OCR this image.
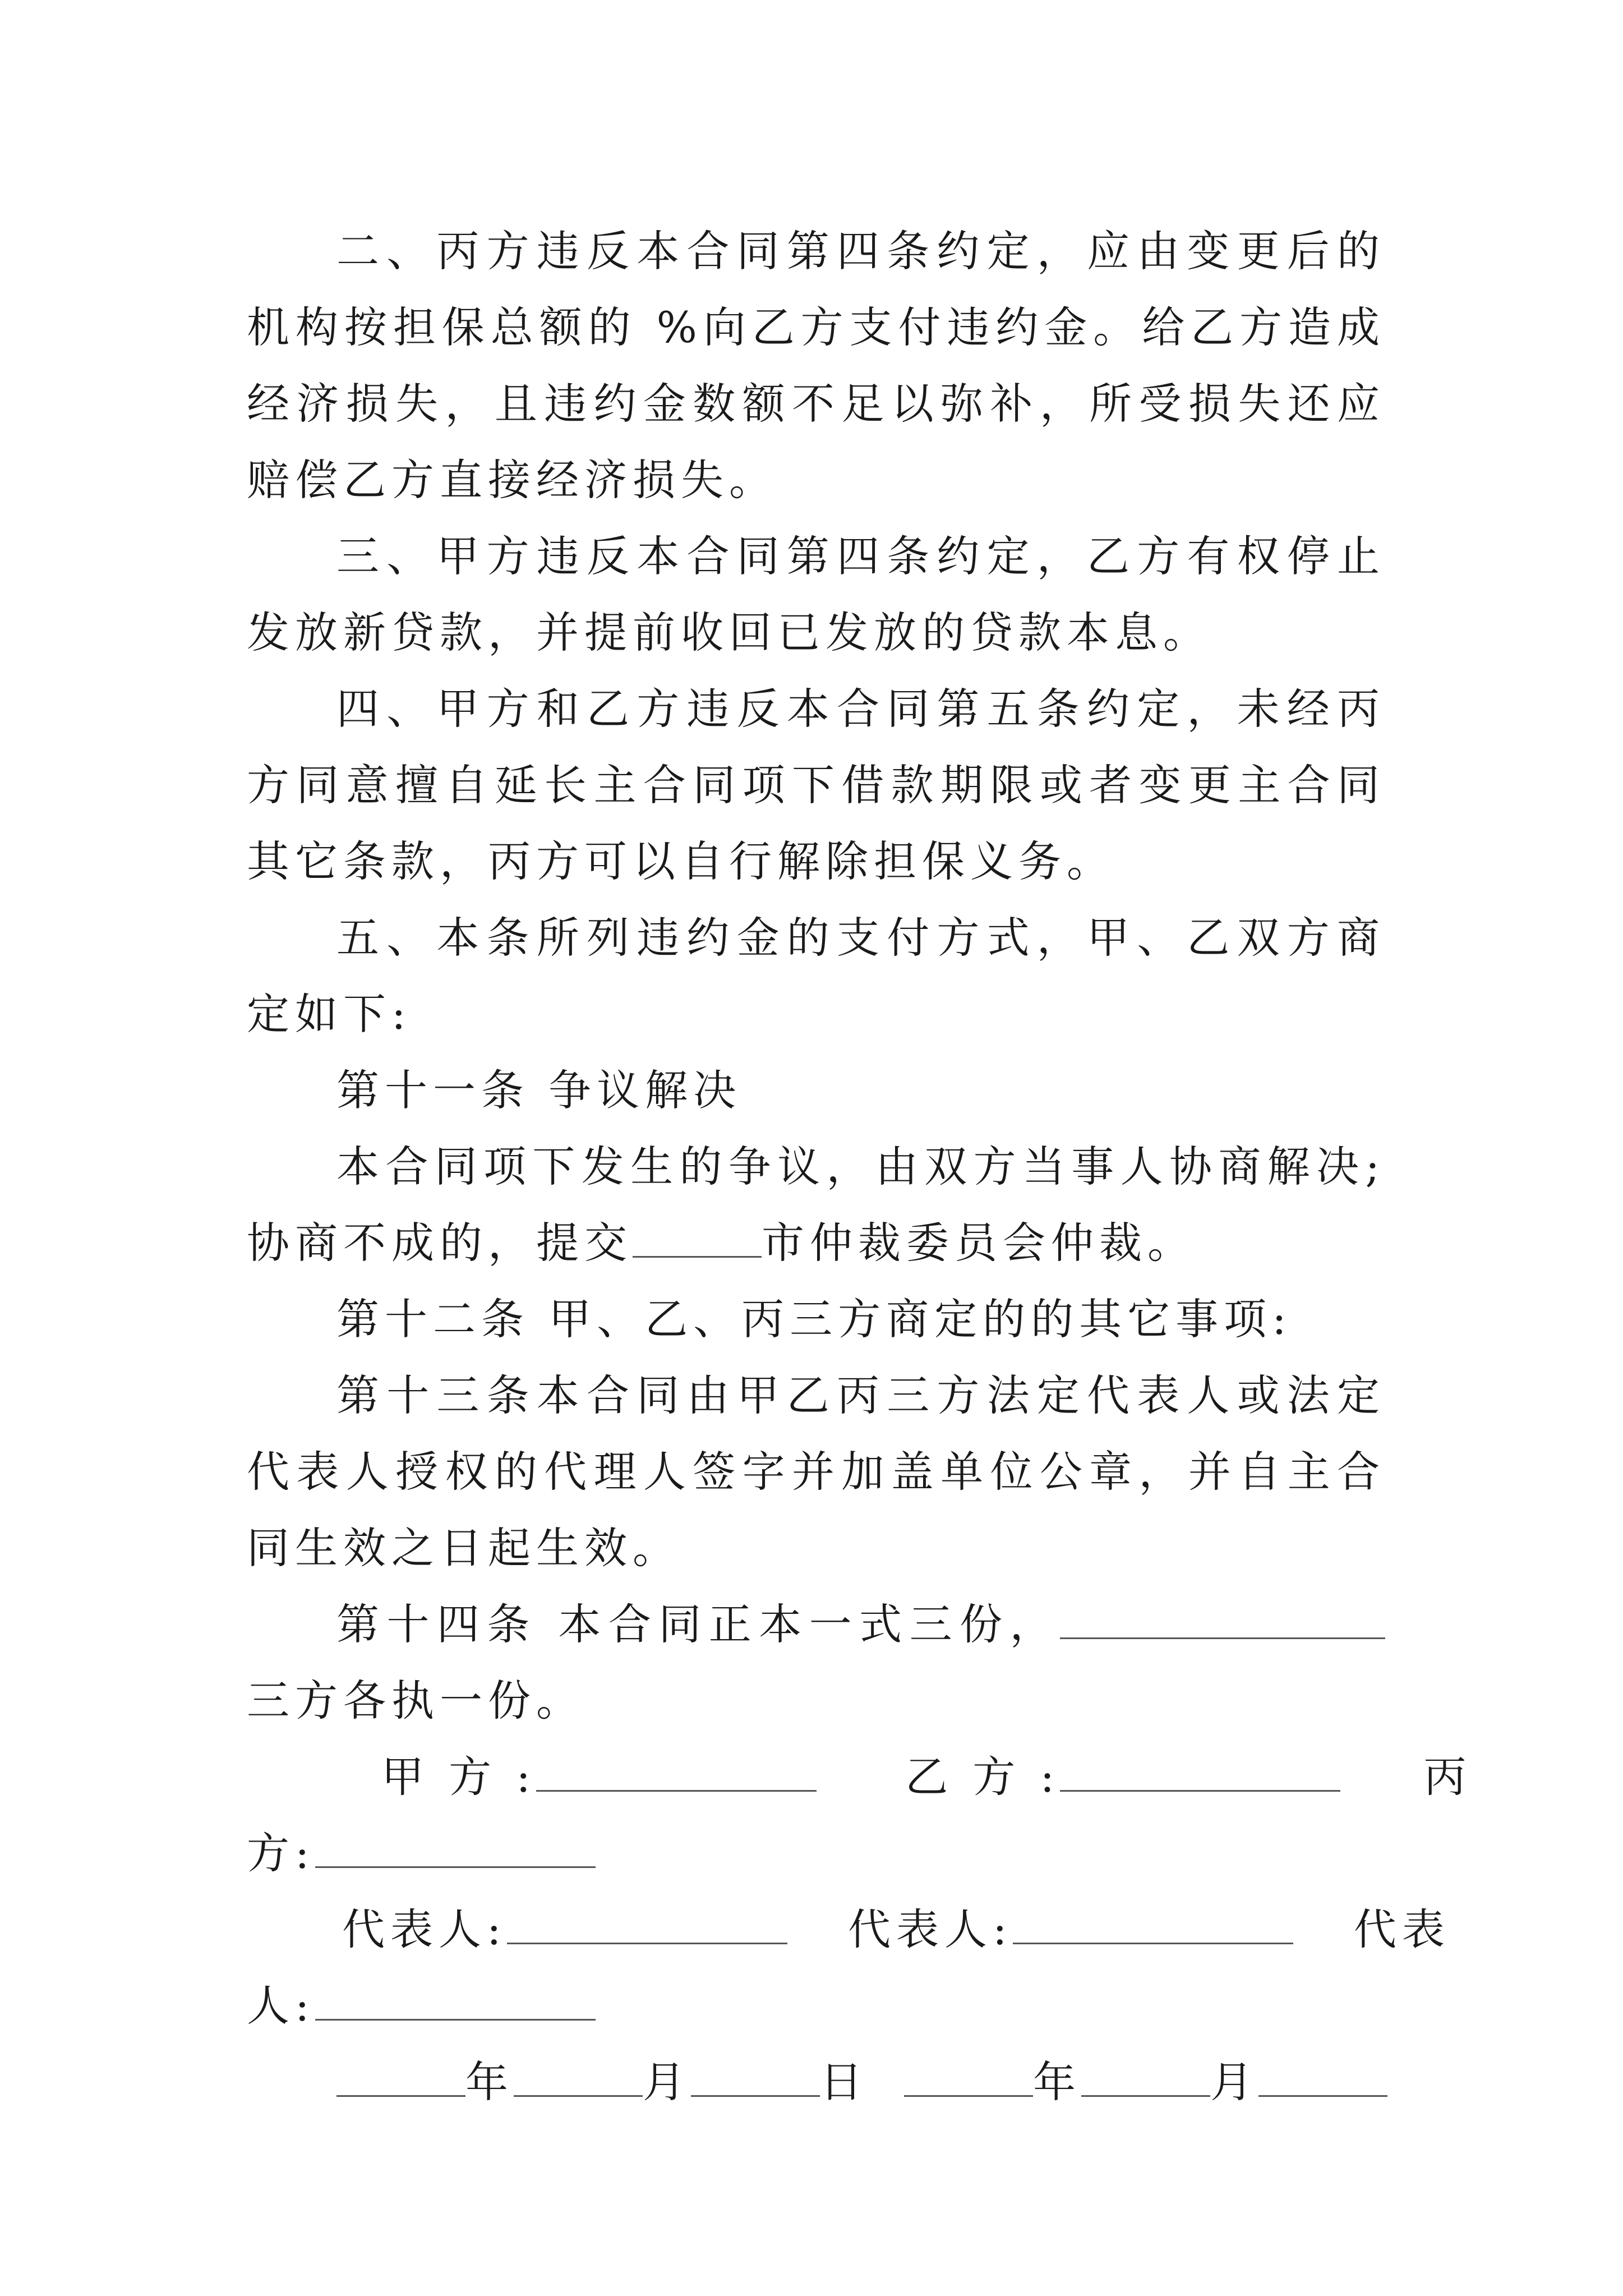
二、丙方违反本合同第四条约定，应由变更后的机构按担保总额的 %向乙方支付违约金。给乙方造成经济损失，且违约金数额不足以弥补，所受损失还应赔偿乙方直接经济损失。

三、甲方违反本合同第四条约定，乙方有权停止发放新贷款，并提前收回已发放的贷款本息。

四、甲方和乙方违反本合同第五条约定，未经丙方同意擅自延长主合同项下借款期限或者变更主合同其它条款，丙方可以自行解除担保义务。

五、本条所列违约金的支付方式，甲、乙双方商定如下:

第十一条 争议解决

本合同项下发生的争议，由双方当事人协商解决;协商不成的，提交	市仲裁委员会仲裁。

第十二条 甲、乙、丙三方商定的的其它事项:

第十三条本合同由甲乙丙三方法定代表人或法定代表人授权的代理人签字并加盖单位公章，并自主合同生效之日起生效。

第十四条 本合同正本一式三份，三方各执一份。

甲 方 :	乙 方 :	丙

方:

代表人:	代表人:	代表

人:

年	月	日	年	月
